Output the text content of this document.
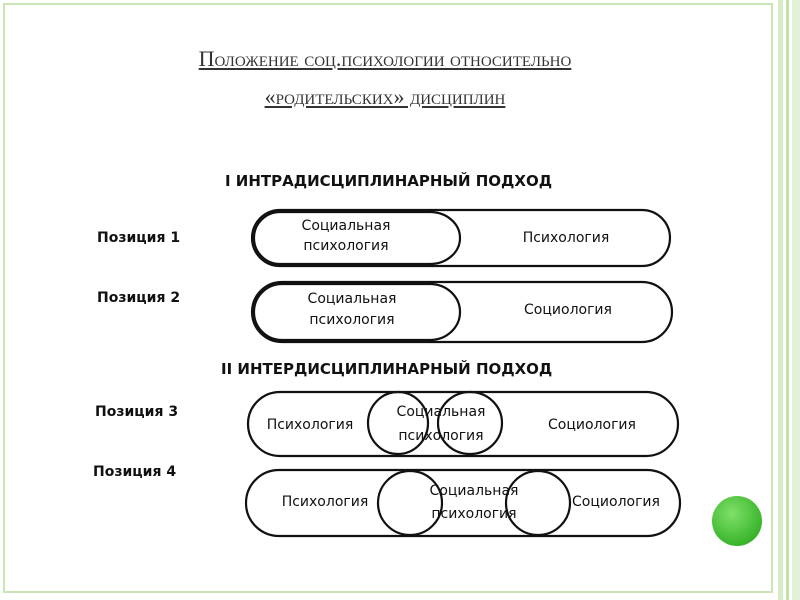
Положение соц.психологии относительно
«родительских» дисциплин
I ИНТРАДИСЦИПЛИНАРНЫЙ ПОДХОД
Позиция 1
Социальная
психология	Психология
Позиция 2	Социальная
психология
Социология
II ИНТЕРДИСЦИПЛИНАРНЫЙ ПОДХОД
Позиция 3
Психология
Социальная
психология
Социология
Позиция 4
Психология
Социальная
психология
Социология
